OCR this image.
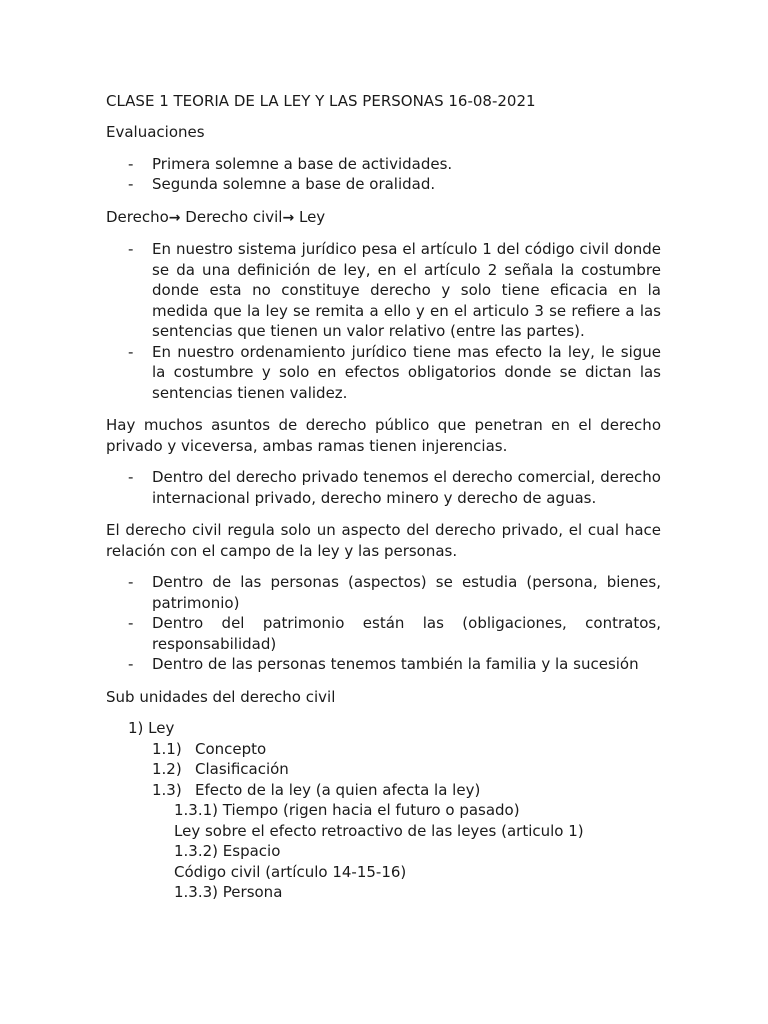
CLASE 1 TEORIA DE LA LEY Y LAS PERSONAS 16-08-2021

Evaluaciones

- Primera solemne a base de actividades.
- Segunda solemne a base de oralidad.

Derecho→ Derecho civil→ Ley

- En nuestro sistema jurídico pesa el artículo 1 del código civil donde se da una definición de ley, en el artículo 2 señala la costumbre donde esta no constituye derecho y solo tiene eficacia en la medida que la ley se remita a ello y en el articulo 3 se refiere a las sentencias que tienen un valor relativo (entre las partes).
- En nuestro ordenamiento jurídico tiene mas efecto la ley, le sigue la costumbre y solo en efectos obligatorios donde se dictan las sentencias tienen validez.

Hay muchos asuntos de derecho público que penetran en el derecho privado y viceversa, ambas ramas tienen injerencias.

- Dentro del derecho privado tenemos el derecho comercial, derecho internacional privado, derecho minero y derecho de aguas.

El derecho civil regula solo un aspecto del derecho privado, el cual hace relación con el campo de la ley y las personas.

- Dentro de las personas (aspectos) se estudia (persona, bienes, patrimonio)
- Dentro del patrimonio están las (obligaciones, contratos, responsabilidad)
- Dentro de las personas tenemos también la familia y la sucesión

Sub unidades del derecho civil

1) Ley
1.1) Concepto
1.2) Clasificación
1.3) Efecto de la ley (a quien afecta la ley)
1.3.1) Tiempo (rigen hacia el futuro o pasado)
Ley sobre el efecto retroactivo de las leyes (articulo 1)
1.3.2) Espacio
Código civil (artículo 14-15-16)
1.3.3) Persona
